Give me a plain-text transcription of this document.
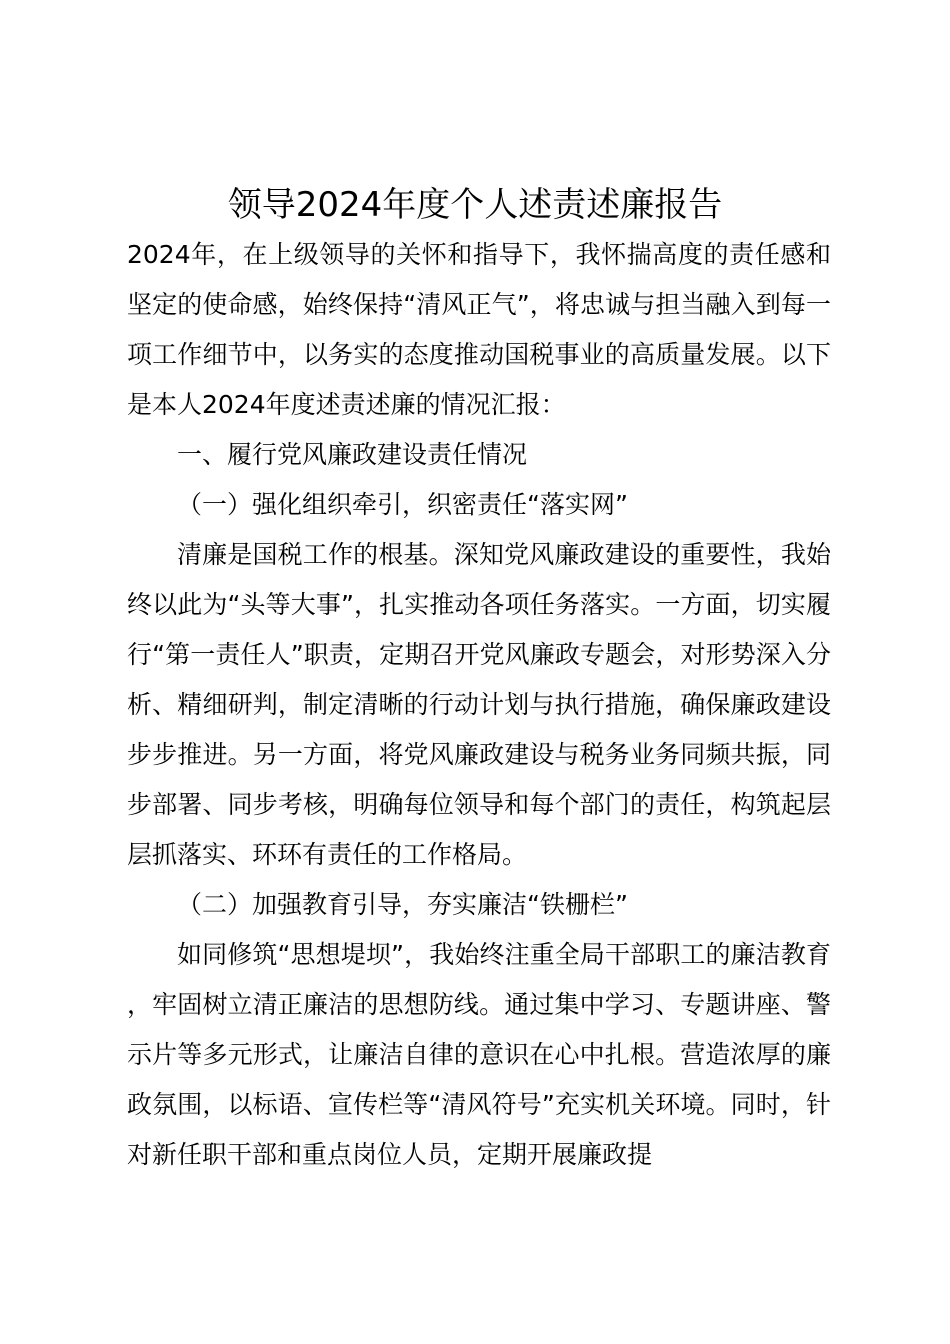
领导2024年度个人述责述廉报告

2024年，在上级领导的关怀和指导下，我怀揣高度的责任感和坚定的使命感，始终保持“清风正气”，将忠诚与担当融入到每一项工作细节中，以务实的态度推动国税事业的高质量发展。以下是本人2024年度述责述廉的情况汇报：

一、履行党风廉政建设责任情况

（一）强化组织牵引，织密责任“落实网”

清廉是国税工作的根基。深知党风廉政建设的重要性，我始终以此为“头等大事”，扎实推动各项任务落实。一方面，切实履行“第一责任人”职责，定期召开党风廉政专题会，对形势深入分析、精细研判，制定清晰的行动计划与执行措施，确保廉政建设步步推进。另一方面，将党风廉政建设与税务业务同频共振，同步部署、同步考核，明确每位领导和每个部门的责任，构筑起层层抓落实、环环有责任的工作格局。

（二）加强教育引导，夯实廉洁“铁栅栏”

如同修筑“思想堤坝”，我始终注重全局干部职工的廉洁教育，牢固树立清正廉洁的思想防线。通过集中学习、专题讲座、警示片等多元形式，让廉洁自律的意识在心中扎根。营造浓厚的廉政氛围，以标语、宣传栏等“清风符号”充实机关环境。同时，针对新任职干部和重点岗位人员，定期开展廉政提
